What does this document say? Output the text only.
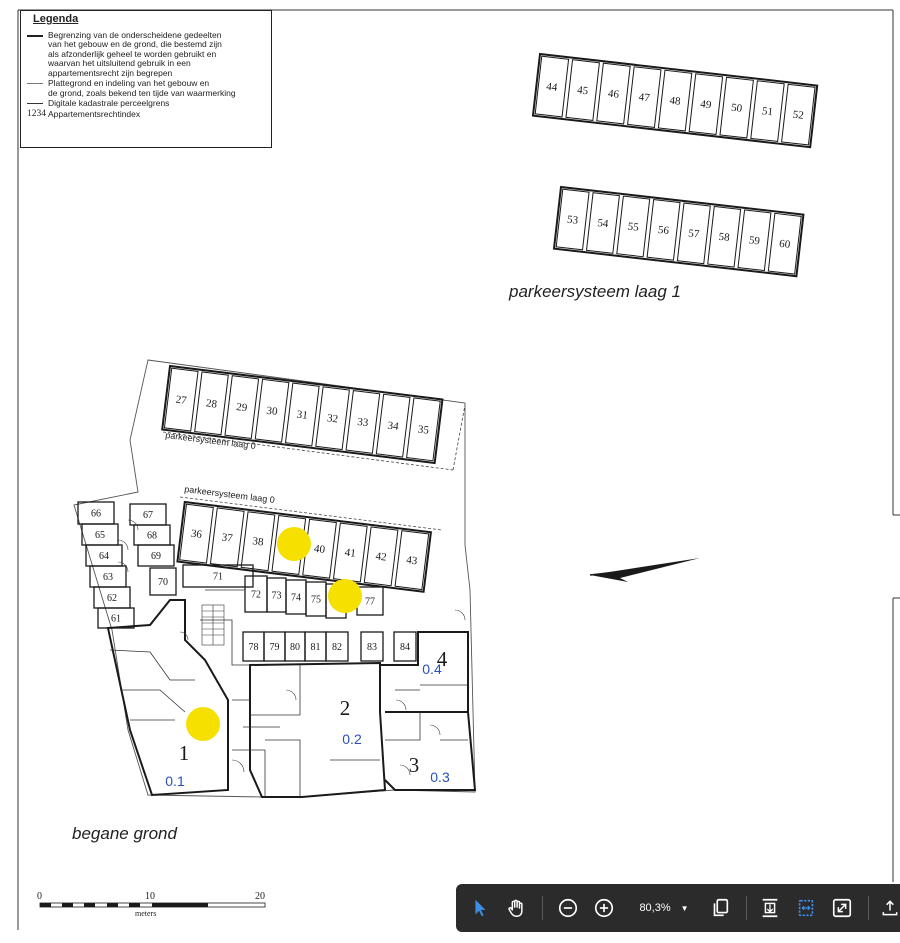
44 45 46 47 48 49 50 51 52
53 54 55 56 57 58 59 60
27 28 29 30 31 32 33 34 35
36 37 38
40 41 42 43
66
65
64
63
62
61
67
68
69
70	71
72 73 74 75	77
78 79 80 81 82	83 84
1
2
3
4
0.1
0.2
0.3
0.4
Legenda
Begrenzing van de onderscheidene gedeelten
van het gebouw en de grond, die bestemd zijn
als afzonderlijk geheel te worden gebruikt en
waarvan het uitsluitend gebruik in een
appartementsrecht zijn begrepen
Plattegrond en indeling van het gebouw en
de grond, zoals bekend ten tijde van waarmerking
Digitale kadastrale perceelgrens
1234 Appartementsrechtindex
parkeersysteem laag 1
parkeersysteem laag 0
parkeersysteem laag 0
begane grond
0	10	20
meters	80,3% ▼
